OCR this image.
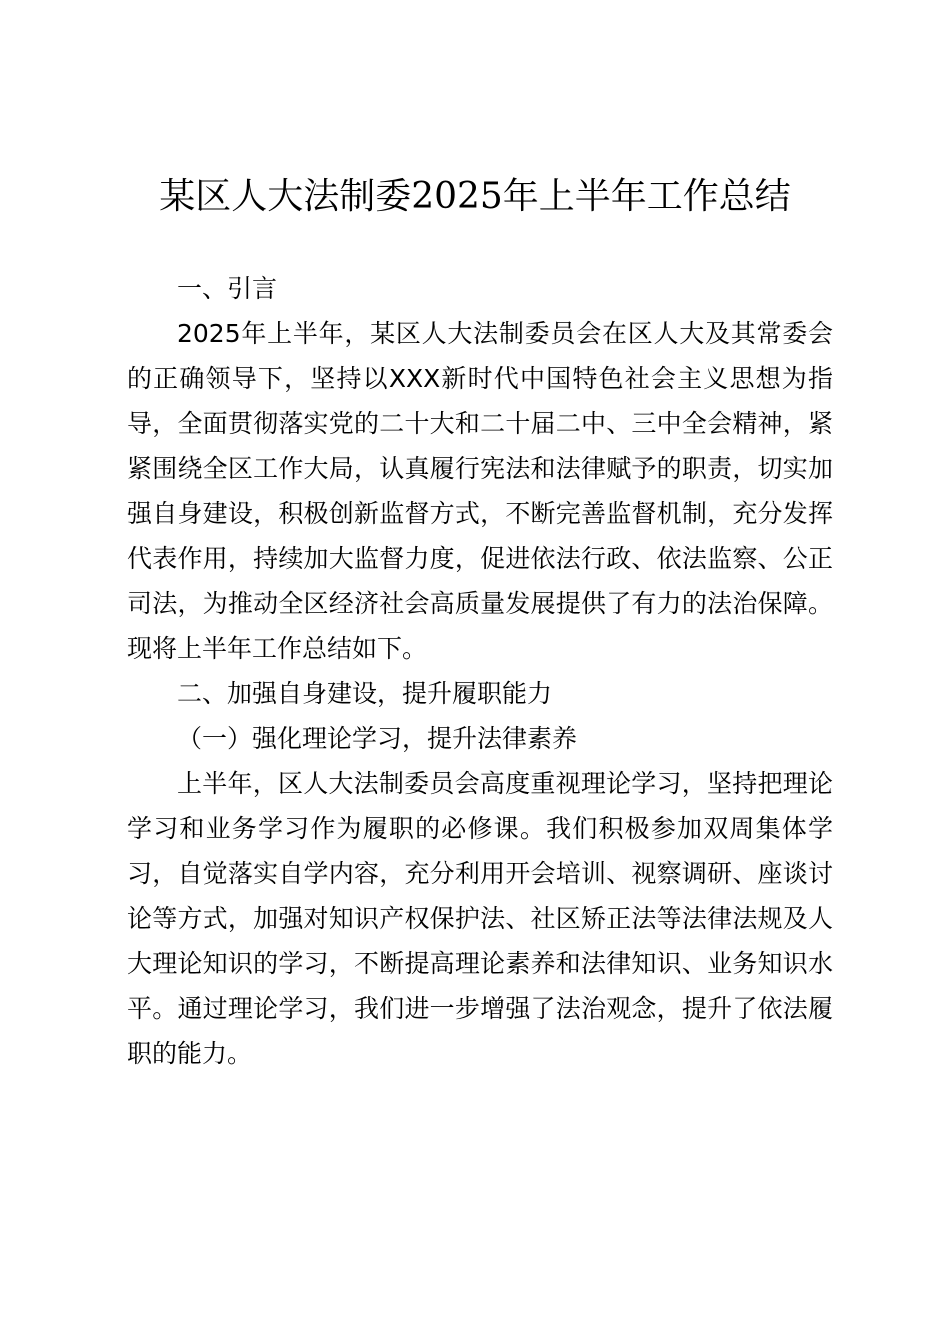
某区人大法制委2025年上半年工作总结

一、引言

2025年上半年，某区人大法制委员会在区人大及其常委会的正确领导下，坚持以XXX新时代中国特色社会主义思想为指导，全面贯彻落实党的二十大和二十届二中、三中全会精神，紧紧围绕全区工作大局，认真履行宪法和法律赋予的职责，切实加强自身建设，积极创新监督方式，不断完善监督机制，充分发挥代表作用，持续加大监督力度，促进依法行政、依法监察、公正司法，为推动全区经济社会高质量发展提供了有力的法治保障。现将上半年工作总结如下。

二、加强自身建设，提升履职能力

（一）强化理论学习，提升法律素养

上半年，区人大法制委员会高度重视理论学习，坚持把理论学习和业务学习作为履职的必修课。我们积极参加双周集体学习，自觉落实自学内容，充分利用开会培训、视察调研、座谈讨论等方式，加强对知识产权保护法、社区矫正法等法律法规及人大理论知识的学习，不断提高理论素养和法律知识、业务知识水平。通过理论学习，我们进一步增强了法治观念，提升了依法履职的能力。
